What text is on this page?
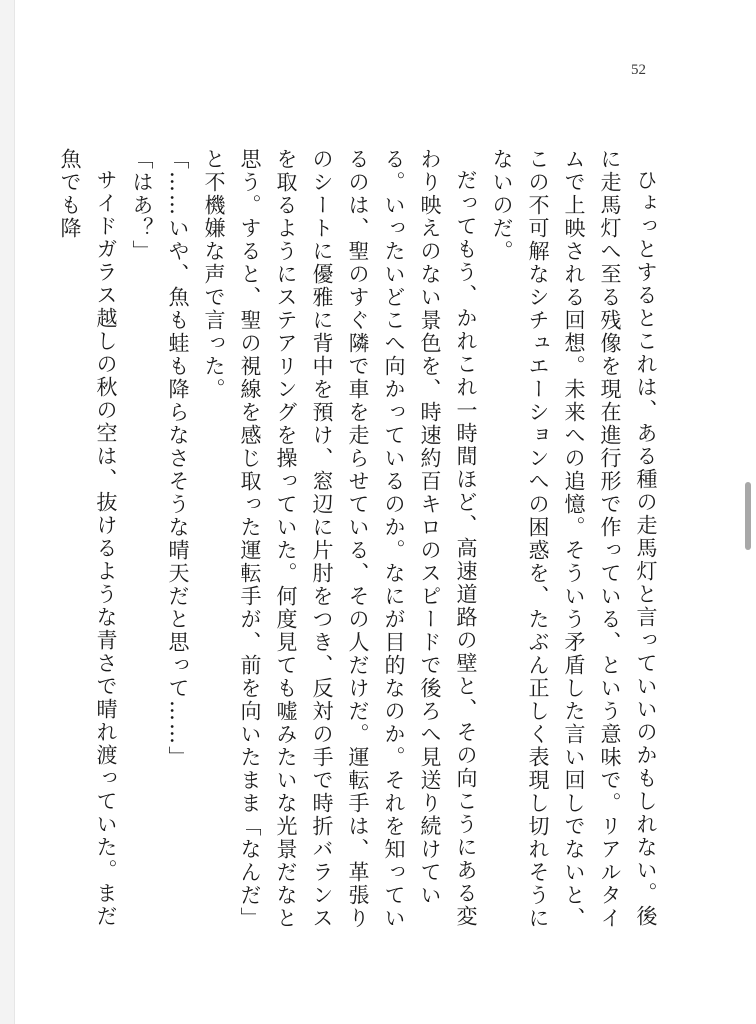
52

ひょっとするとこれは、ある種の走馬灯と言っていいのかもしれない。後に走馬灯へ至る残像を現在進行形で作っている、という意味で。リアルタイムで上映される回想。未来への追憶。そういう矛盾した言い回しでないと、この不可解なシチュエーションへの困惑を、たぶん正しく表現し切れそうにないのだ。

だってもう、かれこれ一時間ほど、高速道路の壁と、その向こうにある変わり映えのない景色を、時速約百キロのスピードで後ろへ見送り続けている。いったいどこへ向かっているのか。なにが目的なのか。それを知っているのは、聖のすぐ隣で車を走らせている、その人だけだ。運転手は、革張りのシートに優雅に背中を預け、窓辺に片肘をつき、反対の手で時折バランスを取るようにステアリングを操っていた。何度見ても嘘みたいな光景だなと思う。すると、聖の視線を感じ取った運転手が、前を向いたまま「なんだ」と不機嫌な声で言った。

「……いや、魚も蛙も降らなさそうな晴天だと思って……」

「はあ？」

サイドガラス越しの秋の空は、抜けるような青さで晴れ渡っていた。まだ魚でも降
